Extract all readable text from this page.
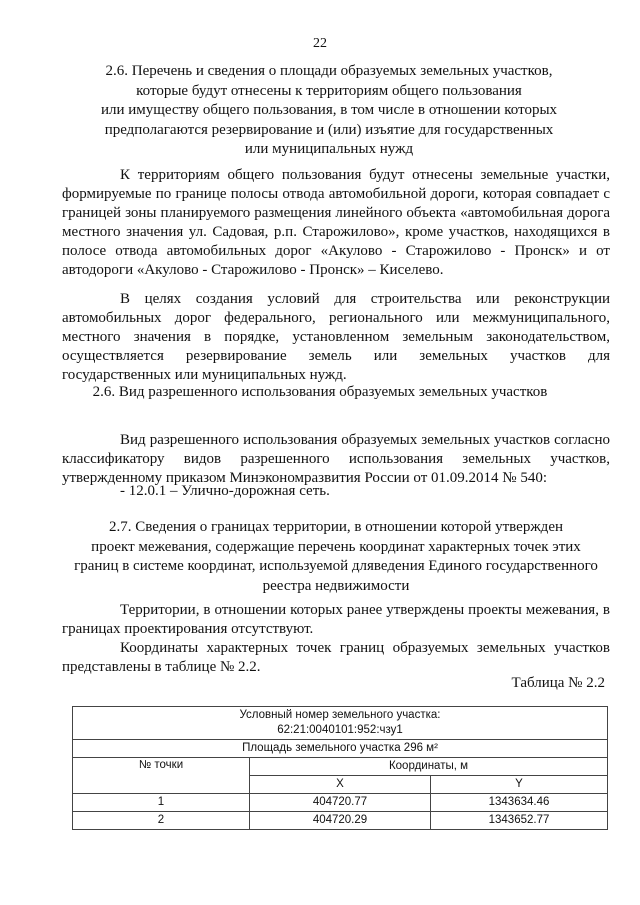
22
2.6. Перечень и сведения о площади образуемых земельных участков,
которые будут отнесены к территориям общего пользования
или имуществу общего пользования, в том числе в отношении которых
предполагаются резервирование и (или) изъятие для государственных
или муниципальных нужд
К территориям общего пользования будут отнесены земельные участки, формируемые по границе полосы отвода автомобильной дороги, которая совпадает с границей зоны планируемого размещения линейного объекта «автомобильная дорога местного значения ул. Садовая, р.п. Старожилово», кроме участков, находящихся в полосе отвода автомобильных дорог «Акулово - Старожилово - Пронск» и от автодороги «Акулово - Старожилово - Пронск» – Киселево.
В целях создания условий для строительства или реконструкции автомобильных дорог федерального, регионального или межмуниципального, местного значения в порядке, установленном земельным законодательством, осуществляется резервирование земель или земельных участков для государственных или муниципальных нужд.
2.6. Вид разрешенного использования образуемых земельных участков
Вид разрешенного использования образуемых земельных участков согласно классификатору видов разрешенного использования земельных участков, утвержденному приказом Минэкономразвития России от 01.09.2014 № 540:
- 12.0.1 – Улично-дорожная сеть.
2.7. Сведения о границах территории, в отношении которой утвержден
проект межевания, содержащие перечень координат характерных точек этих
границ в системе координат, используемой дляведения Единого государственного
реестра недвижимости
Территории, в отношении которых ранее утверждены проекты межевания, в границах проектирования отсутствуют.
Координаты характерных точек границ образуемых земельных участков представлены в таблице № 2.2.
Таблица № 2.2
Условный номер земельного участка:
62:21:0040101:952:чзу1		

Площадь земельного участка 296 м²		
№ точки	Координаты, м	
	X	Y
1	404720.77	1343634.46
2	404720.29	1343652.77
